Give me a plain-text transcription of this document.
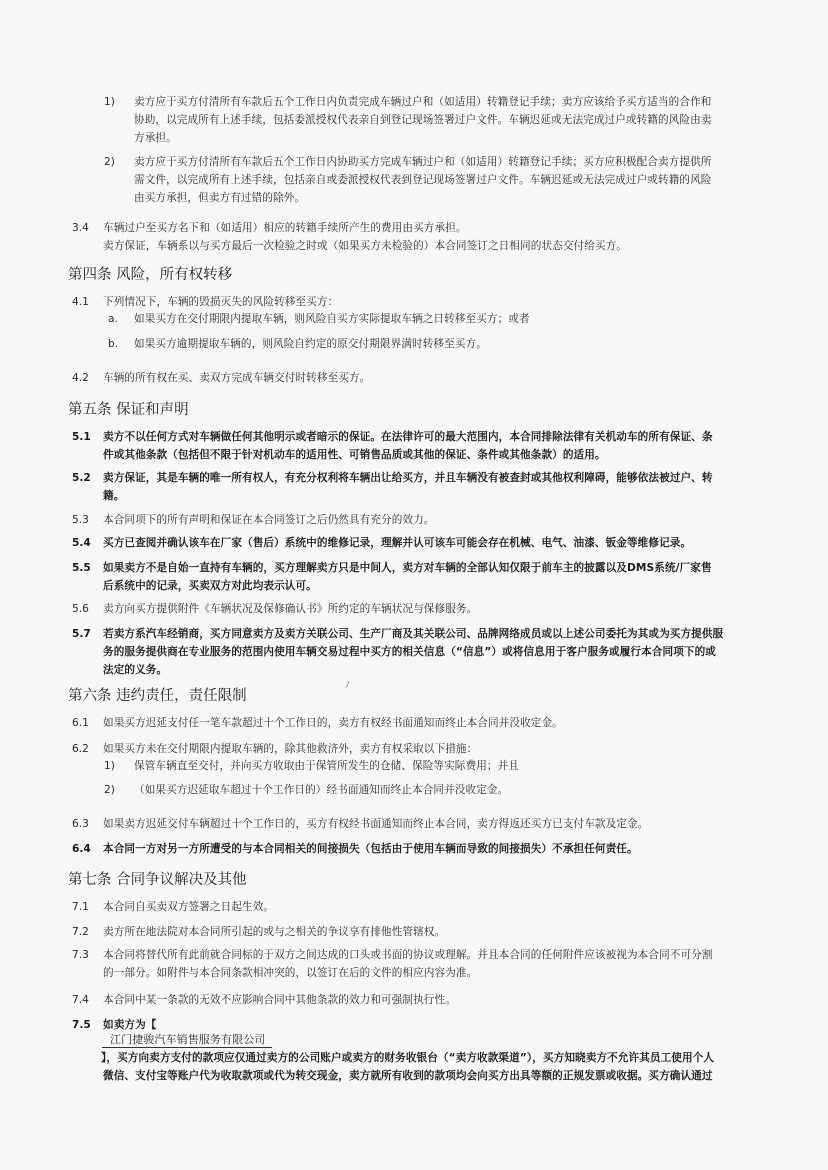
1) 卖方应于买方付清所有车款后五个工作日内负责完成车辆过户和（如适用）转籍登记手续；卖方应该给予买方适当的合作和
协助，以完成所有上述手续，包括委派授权代表亲自到登记现场签署过户文件。车辆迟延或无法完成过户或转籍的风险由卖
方承担。
2) 卖方应于买方付清所有车款后五个工作日内协助买方完成车辆过户和（如适用）转籍登记手续；买方应积极配合卖方提供所
需文件，以完成所有上述手续，包括亲自或委派授权代表到登记现场签署过户文件。车辆迟延或无法完成过户或转籍的风险
由买方承担，但卖方有过错的除外。
3.4 车辆过户至买方名下和（如适用）相应的转籍手续所产生的费用由买方承担。
卖方保证，车辆系以与买方最后一次检验之时或（如果买方未检验的）本合同签订之日相同的状态交付给买方。
第四条 风险，所有权转移
4.1 下列情况下，车辆的毁损灭失的风险转移至买方：
a. 如果买方在交付期限内提取车辆，则风险自买方实际提取车辆之日转移至买方；或者
b. 如果买方逾期提取车辆的，则风险自约定的原交付期限界满时转移至买方。
4.2 车辆的所有权在买、卖双方完成车辆交付时转移至买方。
第五条 保证和声明
5.1 卖方不以任何方式对车辆做任何其他明示或者暗示的保证。在法律许可的最大范围内，本合同排除法律有关机动车的所有保证、条
件或其他条款（包括但不限于针对机动车的适用性、可销售品质或其他的保证、条件或其他条款）的适用。
5.2 卖方保证，其是车辆的唯一所有权人，有充分权利将车辆出让给买方，并且车辆没有被查封或其他权利障碍，能够依法被过户、转
籍。
5.3 本合同项下的所有声明和保证在本合同签订之后仍然具有充分的效力。
5.4 买方已查阅并确认该车在厂家（售后）系统中的维修记录，理解并认可该车可能会存在机械、电气、油漆、钣金等维修记录。
5.5 如果卖方不是自始一直持有车辆的，买方理解卖方只是中间人，卖方对车辆的全部认知仅限于前车主的披露以及DMS系统/厂家售
后系统中的记录，买卖双方对此均表示认可。
5.6 卖方向买方提供附件《车辆状况及保修确认书》所约定的车辆状况与保修服务。
5.7 若卖方系汽车经销商，买方同意卖方及卖方关联公司、生产厂商及其关联公司、品牌网络成员或以上述公司委托为其或为买方提供服
务的服务提供商在专业服务的范围内使用车辆交易过程中买方的相关信息（“信息”）或将信息用于客户服务或履行本合同项下的或
法定的义务。
ﾉ
第六条 违约责任，责任限制
6.1 如果买方迟延支付任一笔车款超过十个工作日的，卖方有权经书面通知而终止本合同并没收定金。
6.2 如果买方未在交付期限内提取车辆的，除其他救济外，卖方有权采取以下措施：
1) 保管车辆直至交付，并向买方收取由于保管所发生的仓储、保险等实际费用；并且
2) （如果买方迟延取车超过十个工作日的）经书面通知而终止本合同并没收定金。
6.3 如果卖方迟延交付车辆超过十个工作日的，买方有权经书面通知而终止本合同，卖方得返还买方已支付车款及定金。
6.4 本合同一方对另一方所遭受的与本合同相关的间接损失（包括由于使用车辆而导致的间接损失）不承担任何责任。
第七条 合同争议解决及其他
7.1 本合同自买卖双方签署之日起生效。
7.2 卖方所在地法院对本合同所引起的或与之相关的争议享有排他性管辖权。
7.3 本合同将替代所有此前就合同标的于双方之间达成的口头或书面的协议或理解。并且本合同的任何附件应该被视为本合同不可分割
的一部分。如附件与本合同条款相冲突的，以签订在后的文件的相应内容为准。
7.4 本合同中某一条款的无效不应影响合同中其他条款的效力和可强制执行性。
7.5 如卖方为【
江门捷骏汽车销售服务有限公司
】，买方向卖方支付的款项应仅通过卖方的公司账户或卖方的财务收银台（“卖方收款渠道”），买方知晓卖方不允许其员工使用个人
微信、支付宝等账户代为收取款项或代为转交现金，卖方就所有收到的款项均会向买方出具等额的正规发票或收据。买方确认通过
